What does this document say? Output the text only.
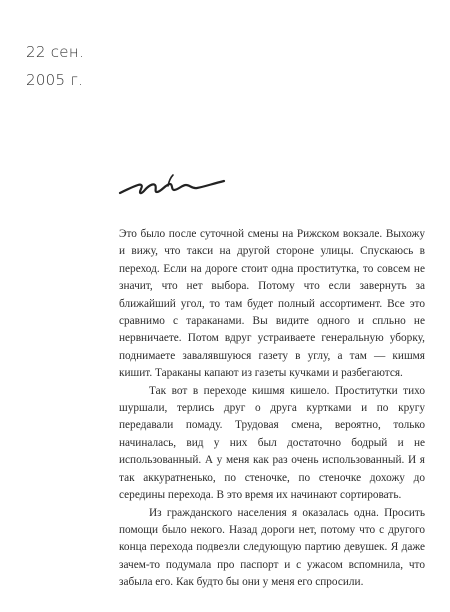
22 сен.
2005 г.

Это было после суточной смены на Рижском вокзале. Выхожу и вижу, что такси на другой стороне улицы. Спускаюсь в переход. Если на дороге стоит одна проститутка, то совсем не значит, что нет выбора. Потому что если завернуть за ближайший угол, то там будет полный ассортимент. Все это сравнимо с тараканами. Вы видите одного и спльно не нервничаете. Потом вдруг устраиваете генеральную уборку, поднимаете завалявшуюся газету в углу, а там — кишмя кишит. Тараканы капают из газеты кучками и разбегаются.

Так вот в переходе кишмя кишело. Проститутки тихо шуршали, терлись друг о друга куртками и по кругу передавали помаду. Трудовая смена, вероятно, только начиналась, вид у них был достаточно бодрый и не использованный. А у меня как раз очень использованный. И я так аккуратненько, по стеночке, по стеночке дохожу до середины перехода. В это время их начинают сортировать.

Из гражданского населения я оказалась одна. Просить помощи было некого. Назад дороги нет, потому что с другого конца перехода подвезли следующую партию девушек. Я даже зачем-то подумала про паспорт и с ужасом вспомнила, что забыла его. Как будто бы они у меня его спросили.
